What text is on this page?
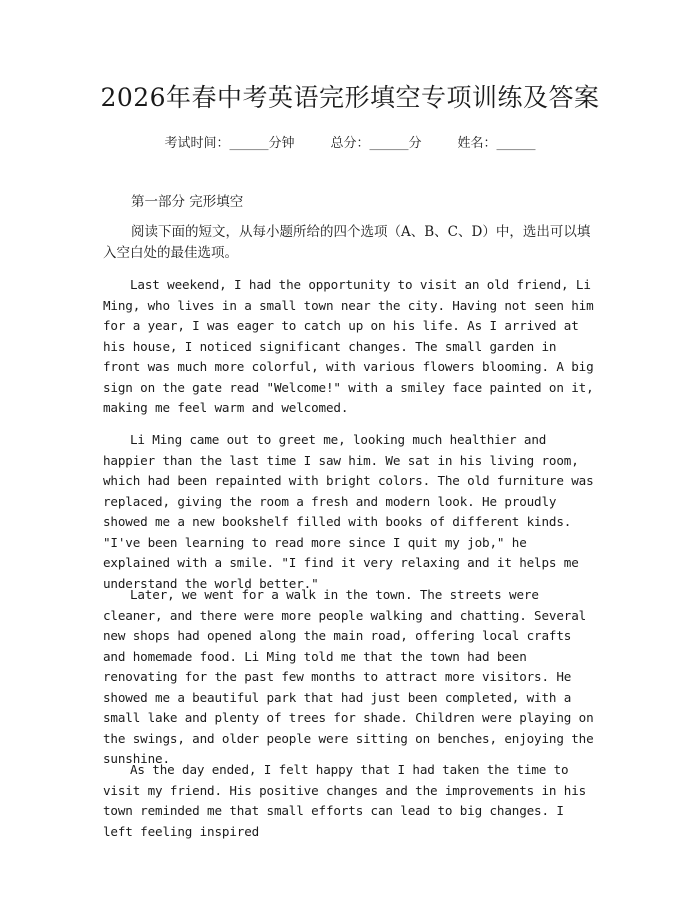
2026年春中考英语完形填空专项训练及答案
考试时间：______分钟	总分：______分	姓名：______
第一部分 完形填空
阅读下面的短文，从每小题所给的四个选项（A、B、C、D）中，选出可以填入空白处的最佳选项。
Last weekend, I had the opportunity to visit an old friend, Li Ming, who lives in a small town near the city. Having not seen him for a year, I was eager to catch up on his life. As I arrived at his house, I noticed significant changes. The small garden in front was much more colorful, with various flowers blooming. A big sign on the gate read "Welcome!" with a smiley face painted on it, making me feel warm and welcomed.
Li Ming came out to greet me, looking much healthier and happier than the last time I saw him. We sat in his living room, which had been repainted with bright colors. The old furniture was replaced, giving the room a fresh and modern look. He proudly showed me a new bookshelf filled with books of different kinds. "I've been learning to read more since I quit my job," he explained with a smile. "I find it very relaxing and it helps me understand the world better."
Later, we went for a walk in the town. The streets were cleaner, and there were more people walking and chatting. Several new shops had opened along the main road, offering local crafts and homemade food. Li Ming told me that the town had been renovating for the past few months to attract more visitors. He showed me a beautiful park that had just been completed, with a small lake and plenty of trees for shade. Children were playing on the swings, and older people were sitting on benches, enjoying the sunshine.
As the day ended, I felt happy that I had taken the time to visit my friend. His positive changes and the improvements in his town reminded me that small efforts can lead to big changes. I left feeling inspired
